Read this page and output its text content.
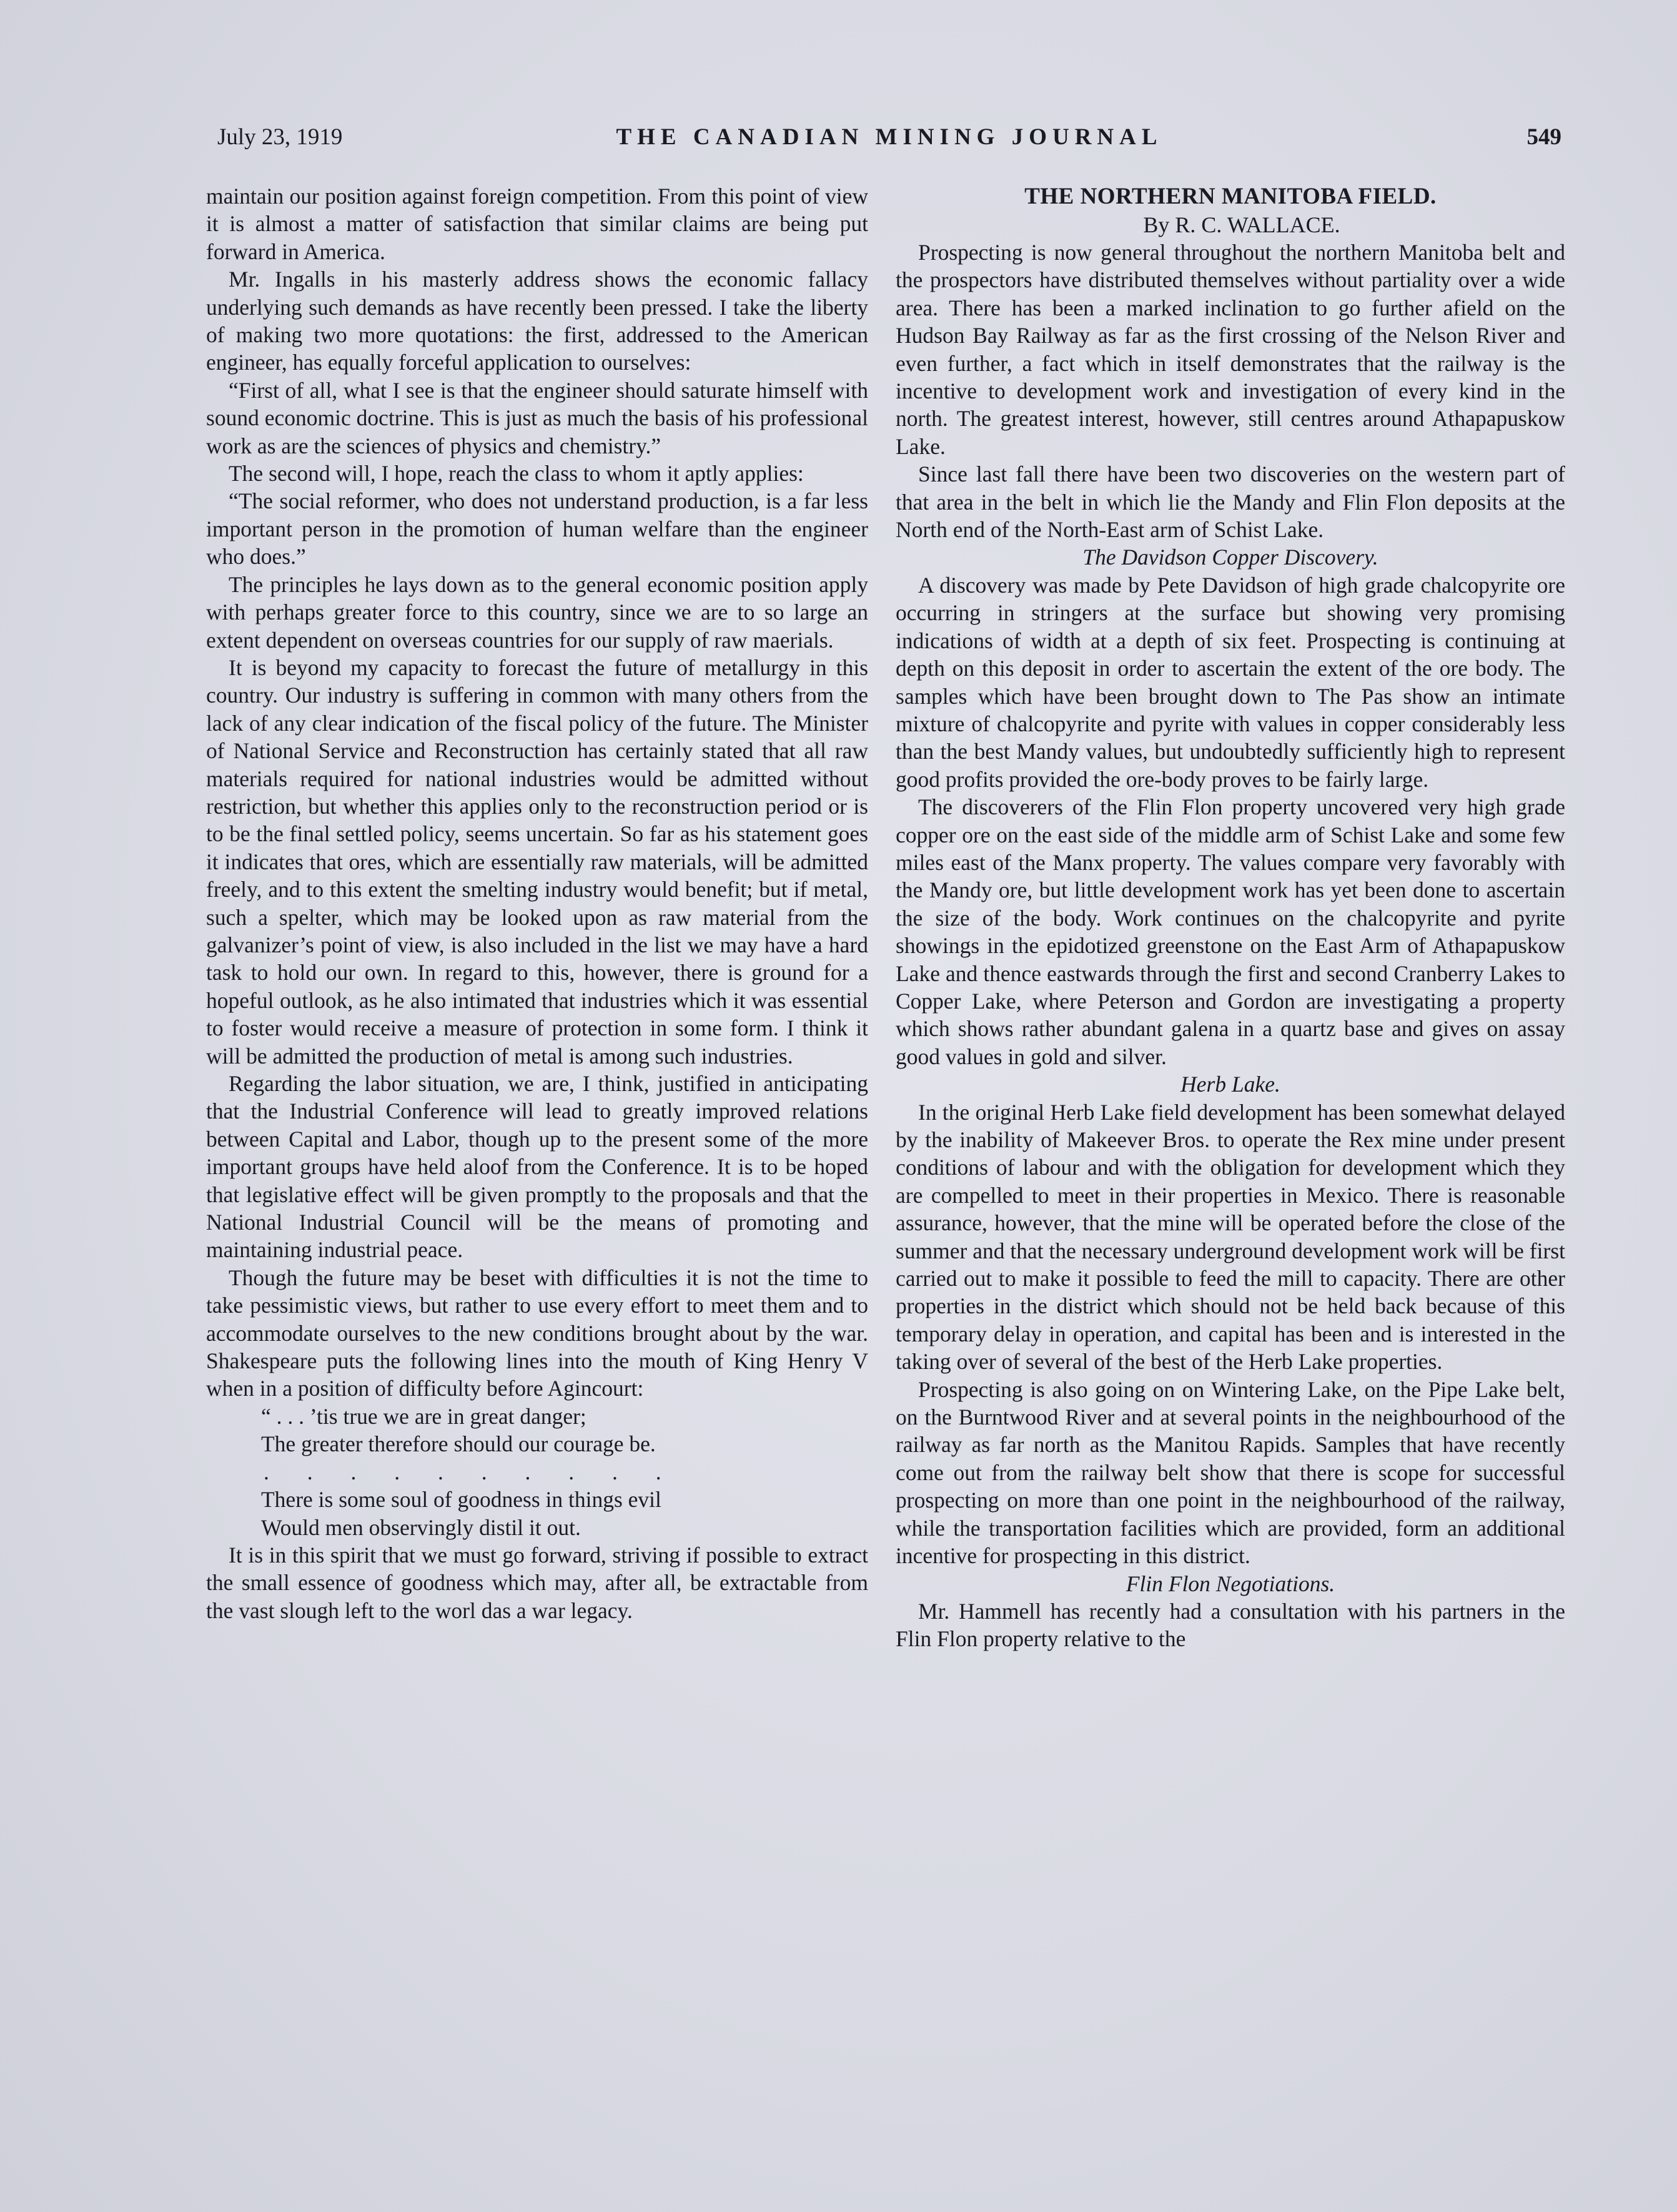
July 23, 1919	THE CANADIAN MINING JOURNAL	549

maintain our position against foreign competition. From this point of view it is almost a matter of satisfaction that similar claims are being put forward in America.

Mr. Ingalls in his masterly address shows the economic fallacy underlying such demands as have recently been pressed. I take the liberty of making two more quotations: the first, addressed to the American engineer, has equally forceful application to ourselves:

“First of all, what I see is that the engineer should saturate himself with sound economic doctrine. This is just as much the basis of his professional work as are the sciences of physics and chemistry.”

The second will, I hope, reach the class to whom it aptly applies:

“The social reformer, who does not understand production, is a far less important person in the promotion of human welfare than the engineer who does.”

The principles he lays down as to the general economic position apply with perhaps greater force to this country, since we are to so large an extent dependent on overseas countries for our supply of raw maerials.

It is beyond my capacity to forecast the future of metallurgy in this country. Our industry is suffering in common with many others from the lack of any clear indication of the fiscal policy of the future. The Minister of National Service and Reconstruction has certainly stated that all raw materials required for national industries would be admitted without restriction, but whether this applies only to the reconstruction period or is to be the final settled policy, seems uncertain. So far as his statement goes it indicates that ores, which are essentially raw materials, will be admitted freely, and to this extent the smelting industry would benefit; but if metal, such a spelter, which may be looked upon as raw material from the galvanizer’s point of view, is also included in the list we may have a hard task to hold our own. In regard to this, however, there is ground for a hopeful outlook, as he also intimated that industries which it was essential to foster would receive a measure of protection in some form. I think it will be admitted the production of metal is among such industries.

Regarding the labor situation, we are, I think, justified in anticipating that the Industrial Conference will lead to greatly improved relations between Capital and Labor, though up to the present some of the more important groups have held aloof from the Conference. It is to be hoped that legislative effect will be given promptly to the proposals and that the National Industrial Council will be the means of promoting and maintaining industrial peace.

Though the future may be beset with difficulties it is not the time to take pessimistic views, but rather to use every effort to meet them and to accommodate ourselves to the new conditions brought about by the war. Shakespeare puts the following lines into the mouth of King Henry V when in a position of difficulty before Agincourt:

“ . . . ’tis true we are in great danger;
The greater therefore should our courage be.
. . . . . . . . . .
There is some soul of goodness in things evil
Would men observingly distil it out.

It is in this spirit that we must go forward, striving if possible to extract the small essence of goodness which may, after all, be extractable from the vast slough left to the worl das a war legacy.

THE NORTHERN MANITOBA FIELD.

By R. C. WALLACE.

Prospecting is now general throughout the northern Manitoba belt and the prospectors have distributed themselves without partiality over a wide area. There has been a marked inclination to go further afield on the Hudson Bay Railway as far as the first crossing of the Nelson River and even further, a fact which in itself demonstrates that the railway is the incentive to development work and investigation of every kind in the north. The greatest interest, however, still centres around Athapapuskow Lake.

Since last fall there have been two discoveries on the western part of that area in the belt in which lie the Mandy and Flin Flon deposits at the North end of the North-East arm of Schist Lake.

The Davidson Copper Discovery.

A discovery was made by Pete Davidson of high grade chalcopyrite ore occurring in stringers at the surface but showing very promising indications of width at a depth of six feet. Prospecting is continuing at depth on this deposit in order to ascertain the extent of the ore body. The samples which have been brought down to The Pas show an intimate mixture of chalcopyrite and pyrite with values in copper considerably less than the best Mandy values, but undoubtedly sufficiently high to represent good profits provided the ore-body proves to be fairly large.

The discoverers of the Flin Flon property uncovered very high grade copper ore on the east side of the middle arm of Schist Lake and some few miles east of the Manx property. The values compare very favorably with the Mandy ore, but little development work has yet been done to ascertain the size of the body. Work continues on the chalcopyrite and pyrite showings in the epidotized greenstone on the East Arm of Athapapuskow Lake and thence eastwards through the first and second Cranberry Lakes to Copper Lake, where Peterson and Gordon are investigating a property which shows rather abundant galena in a quartz base and gives on assay good values in gold and silver.

Herb Lake.

In the original Herb Lake field development has been somewhat delayed by the inability of Makeever Bros. to operate the Rex mine under present conditions of labour and with the obligation for development which they are compelled to meet in their properties in Mexico. There is reasonable assurance, however, that the mine will be operated before the close of the summer and that the necessary underground development work will be first carried out to make it possible to feed the mill to capacity. There are other properties in the district which should not be held back because of this temporary delay in operation, and capital has been and is interested in the taking over of several of the best of the Herb Lake properties.

Prospecting is also going on on Wintering Lake, on the Pipe Lake belt, on the Burntwood River and at several points in the neighbourhood of the railway as far north as the Manitou Rapids. Samples that have recently come out from the railway belt show that there is scope for successful prospecting on more than one point in the neighbourhood of the railway, while the transportation facilities which are provided, form an additional incentive for prospecting in this district.

Flin Flon Negotiations.

Mr. Hammell has recently had a consultation with his partners in the Flin Flon property relative to the
